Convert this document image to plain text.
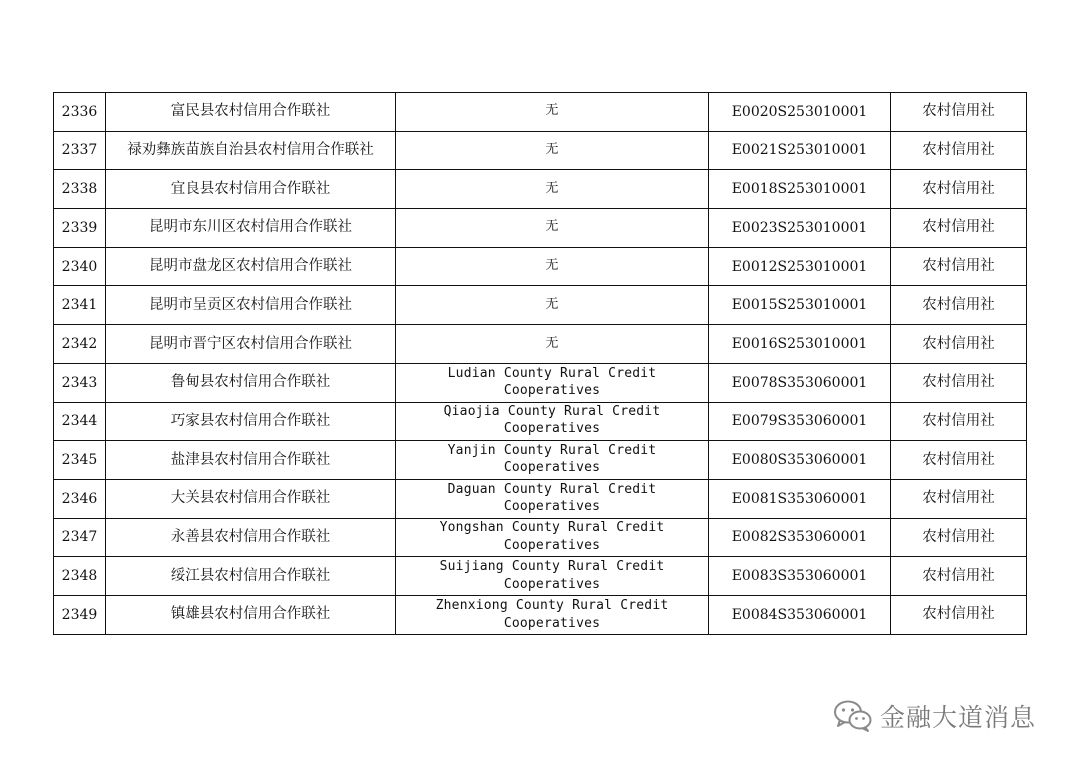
2336	富民县农村信用合作联社	无	E0020S253010001	农村信用社
2337	禄劝彝族苗族自治县农村信用合作联社	无	E0021S253010001	农村信用社
2338	宜良县农村信用合作联社	无	E0018S253010001	农村信用社
2339	昆明市东川区农村信用合作联社	无	E0023S253010001	农村信用社
2340	昆明市盘龙区农村信用合作联社	无	E0012S253010001	农村信用社
2341	昆明市呈贡区农村信用合作联社	无	E0015S253010001	农村信用社
2342	昆明市晋宁区农村信用合作联社	无	E0016S253010001	农村信用社
2343	鲁甸县农村信用合作联社	Ludian County Rural Credit Cooperatives	E0078S353060001	农村信用社
2344	巧家县农村信用合作联社	Qiaojia County Rural Credit Cooperatives	E0079S353060001	农村信用社
2345	盐津县农村信用合作联社	Yanjin County Rural Credit Cooperatives	E0080S353060001	农村信用社
2346	大关县农村信用合作联社	Daguan County Rural Credit Cooperatives	E0081S353060001	农村信用社
2347	永善县农村信用合作联社	Yongshan County Rural Credit Cooperatives	E0082S353060001	农村信用社
2348	绥江县农村信用合作联社	Suijiang County Rural Credit Cooperatives	E0083S353060001	农村信用社
2349	镇雄县农村信用合作联社	Zhenxiong County Rural Credit Cooperatives	E0084S353060001	农村信用社
金融大道消息
